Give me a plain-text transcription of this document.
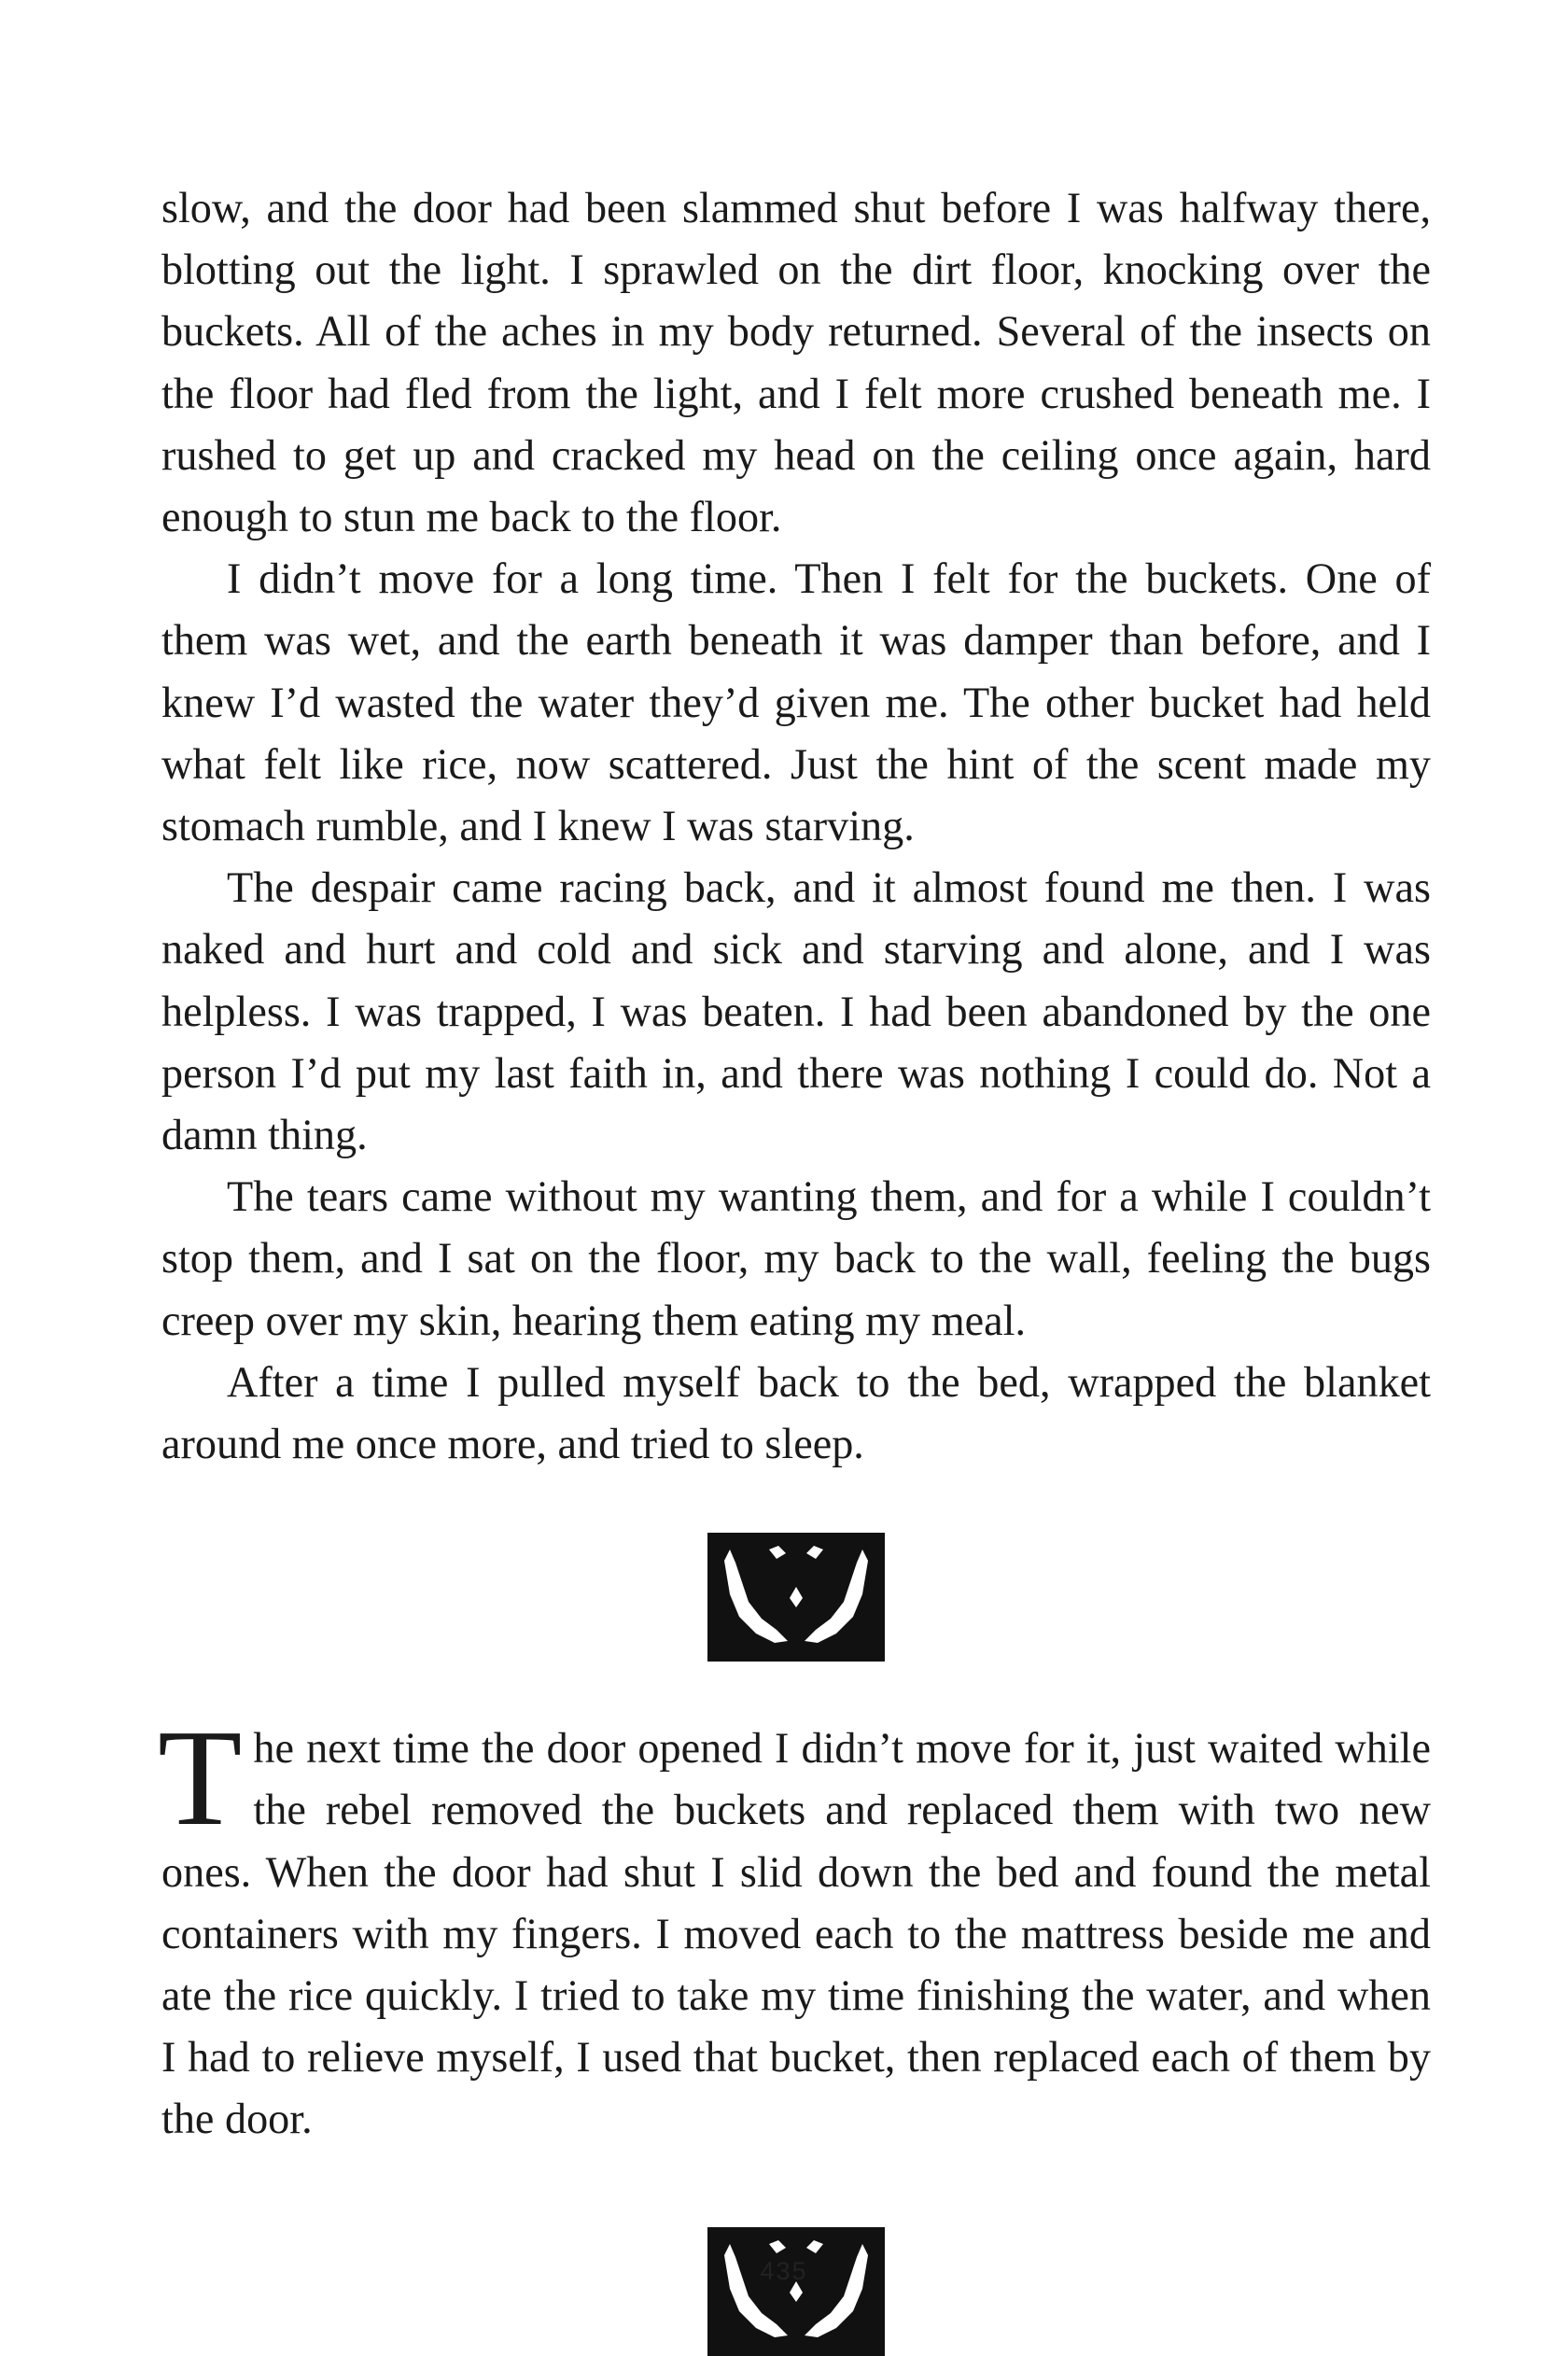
slow, and the door had been slammed shut before I was halfway there, blotting out the light. I sprawled on the dirt floor, knocking over the buckets. All of the aches in my body returned. Several of the insects on the floor had fled from the light, and I felt more crushed beneath me. I rushed to get up and cracked my head on the ceiling once again, hard enough to stun me back to the floor.

I didn’t move for a long time. Then I felt for the buckets. One of them was wet, and the earth beneath it was damper than before, and I knew I’d wasted the water they’d given me. The other bucket had held what felt like rice, now scattered. Just the hint of the scent made my stomach rumble, and I knew I was starving.

The despair came racing back, and it almost found me then. I was naked and hurt and cold and sick and starving and alone, and I was helpless. I was trapped, I was beaten. I had been abandoned by the one person I’d put my last faith in, and there was nothing I could do. Not a damn thing.

The tears came without my wanting them, and for a while I couldn’t stop them, and I sat on the floor, my back to the wall, feeling the bugs creep over my skin, hearing them eating my meal.

After a time I pulled myself back to the bed, wrapped the blanket around me once more, and tried to sleep.

The next time the door opened I didn’t move for it, just waited while the rebel removed the buckets and replaced them with two new ones. When the door had shut I slid down the bed and found the metal containers with my fingers. I moved each to the mattress beside me and ate the rice quickly. I tried to take my time finishing the water, and when I had to relieve myself, I used that bucket, then replaced each of them by the door.

435
